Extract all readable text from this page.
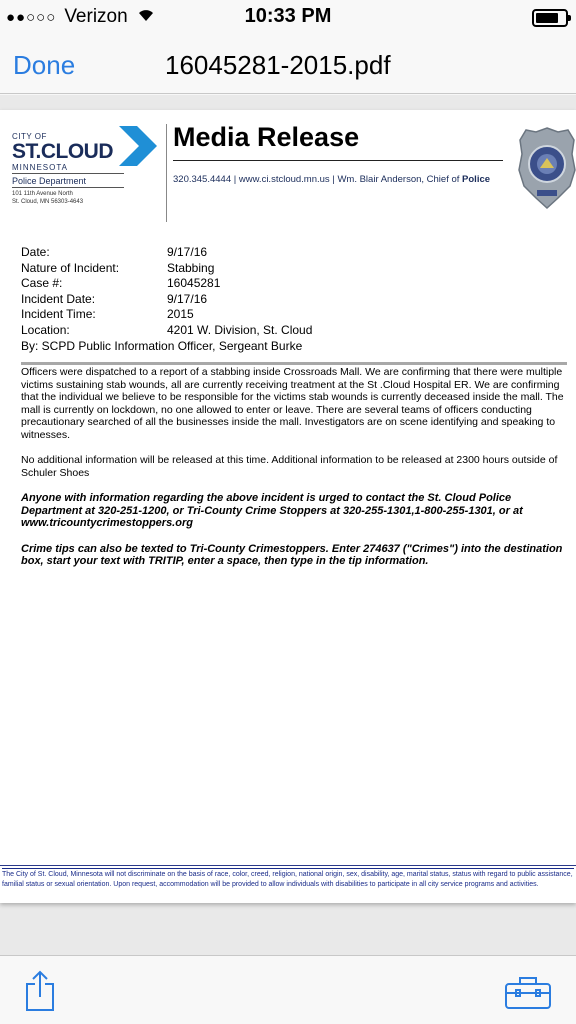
●●○○○ Verizon	10:33 PM
Done	16045281-2015.pdf
CITY OF
ST.CLOUD
MINNESOTA
Police Department
101 11th Avenue North
St. Cloud, MN 56303-4643
Media Release
320.345.4444 | www.ci.stcloud.mn.us | Wm. Blair Anderson, Chief of Police
Date:	9/17/16
Nature of Incident:	Stabbing
Case #:	16045281
Incident Date:	9/17/16
Incident Time:	2015
Location:	4201 W. Division, St. Cloud
By: SCPD Public Information Officer, Sergeant Burke

Officers were dispatched to a report of a stabbing inside Crossroads Mall. We are confirming that there were multiple victims sustaining stab wounds, all are currently receiving treatment at the St .Cloud Hospital ER. We are confirming that the individual we believe to be responsible for the victims stab wounds is currently deceased inside the mall. The mall is currently on lockdown, no one allowed to enter or leave. There are several teams of officers conducting precautionary searched of all the businesses inside the mall. Investigators are on scene identifying and speaking to witnesses.

No additional information will be released at this time. Additional information to be released at 2300 hours outside of Schuler Shoes

Anyone with information regarding the above incident is urged to contact the St. Cloud Police Department at 320-251-1200, or Tri-County Crime Stoppers at 320-255-1301,1-800-255-1301, or at www.tricountycrimestoppers.org

Crime tips can also be texted to Tri-County Crimestoppers. Enter 274637 ("Crimes") into the destination box, start your text with TRITIP, enter a space, then type in the tip information.

The City of St. Cloud, Minnesota will not discriminate on the basis of race, color, creed, religion, national origin, sex, disability, age, marital status, status with regard to public assistance, familial status or sexual orientation. Upon request, accommodation will be provided to allow individuals with disabilities to participate in all city service programs and activities.
